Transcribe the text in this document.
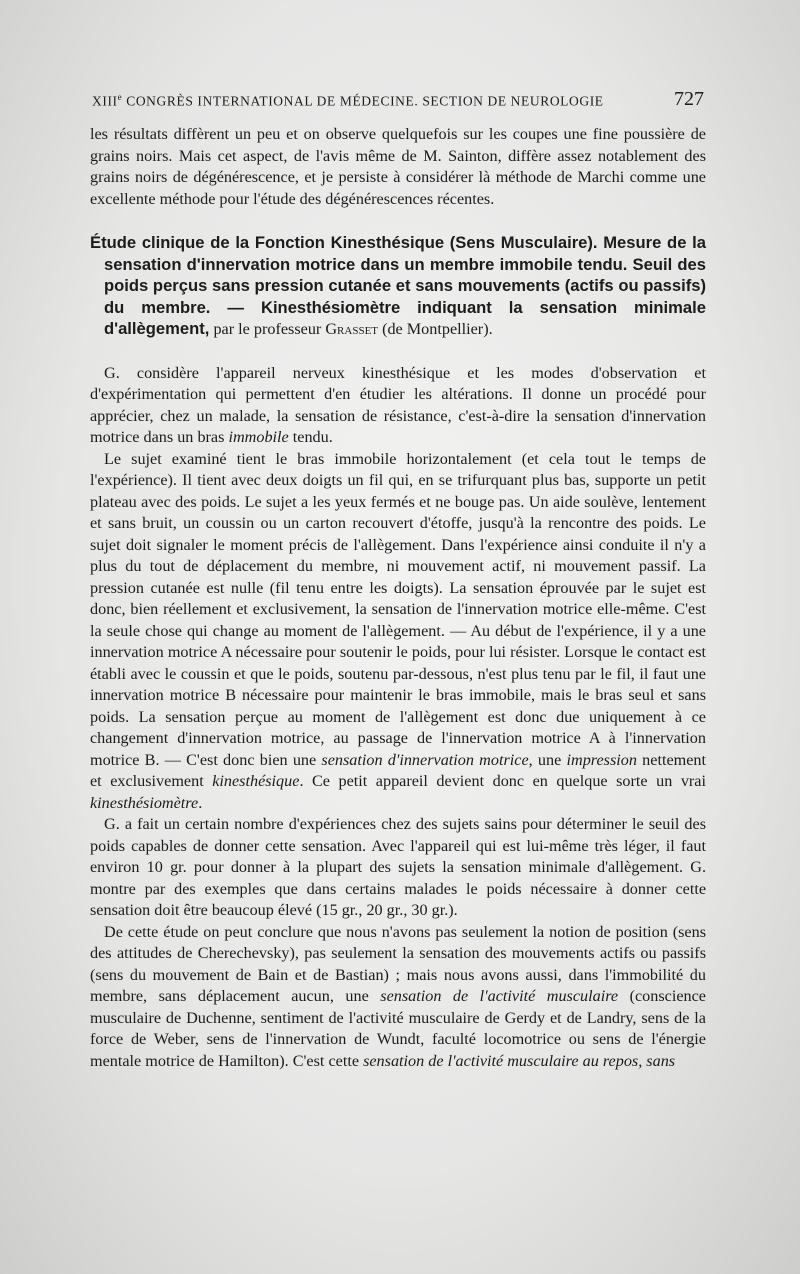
XIIIe CONGRÈS INTERNATIONAL DE MÉDECINE. SECTION DE NEUROLOGIE	727

les résultats diffèrent un peu et on observe quelquefois sur les coupes une fine poussière de grains noirs. Mais cet aspect, de l'avis même de M. Sainton, diffère assez notablement des grains noirs de dégénérescence, et je persiste à considérer là méthode de Marchi comme une excellente méthode pour l'étude des dégénérescences récentes.

Étude clinique de la Fonction Kinesthésique (Sens Musculaire). Mesure de la sensation d'innervation motrice dans un membre immobile tendu. Seuil des poids perçus sans pression cutanée et sans mouvements (actifs ou passifs) du membre. — Kinesthésiomètre indiquant la sensation minimale d'allègement, par le professeur Grasset (de Montpellier).

G. considère l'appareil nerveux kinesthésique et les modes d'observation et d'expérimentation qui permettent d'en étudier les altérations. Il donne un procédé pour apprécier, chez un malade, la sensation de résistance, c'est-à-dire la sensation d'innervation motrice dans un bras immobile tendu.

Le sujet examiné tient le bras immobile horizontalement (et cela tout le temps de l'expérience). Il tient avec deux doigts un fil qui, en se trifurquant plus bas, supporte un petit plateau avec des poids. Le sujet a les yeux fermés et ne bouge pas. Un aide soulève, lentement et sans bruit, un coussin ou un carton recouvert d'étoffe, jusqu'à la rencontre des poids. Le sujet doit signaler le moment précis de l'allègement. Dans l'expérience ainsi conduite il n'y a plus du tout de déplacement du membre, ni mouvement actif, ni mouvement passif. La pression cutanée est nulle (fil tenu entre les doigts). La sensation éprouvée par le sujet est donc, bien réellement et exclusivement, la sensation de l'innervation motrice elle-même. C'est la seule chose qui change au moment de l'allègement. — Au début de l'expérience, il y a une innervation motrice A nécessaire pour soutenir le poids, pour lui résister. Lorsque le contact est établi avec le coussin et que le poids, soutenu par-dessous, n'est plus tenu par le fil, il faut une innervation motrice B nécessaire pour maintenir le bras immobile, mais le bras seul et sans poids. La sensation perçue au moment de l'allègement est donc due uniquement à ce changement d'innervation motrice, au passage de l'innervation motrice A à l'innervation motrice B. — C'est donc bien une sensation d'innervation motrice, une impression nettement et exclusivement kinesthésique. Ce petit appareil devient donc en quelque sorte un vrai kinesthésiomètre.

G. a fait un certain nombre d'expériences chez des sujets sains pour déterminer le seuil des poids capables de donner cette sensation. Avec l'appareil qui est lui-même très léger, il faut environ 10 gr. pour donner à la plupart des sujets la sensation minimale d'allègement. G. montre par des exemples que dans certains malades le poids nécessaire à donner cette sensation doit être beaucoup élevé (15 gr., 20 gr., 30 gr.).

De cette étude on peut conclure que nous n'avons pas seulement la notion de position (sens des attitudes de Cherechevsky), pas seulement la sensation des mouvements actifs ou passifs (sens du mouvement de Bain et de Bastian) ; mais nous avons aussi, dans l'immobilité du membre, sans déplacement aucun, une sensation de l'activité musculaire (conscience musculaire de Duchenne, sentiment de l'activité musculaire de Gerdy et de Landry, sens de la force de Weber, sens de l'innervation de Wundt, faculté locomotrice ou sens de l'énergie mentale motrice de Hamilton). C'est cette sensation de l'activité musculaire au repos, sans
